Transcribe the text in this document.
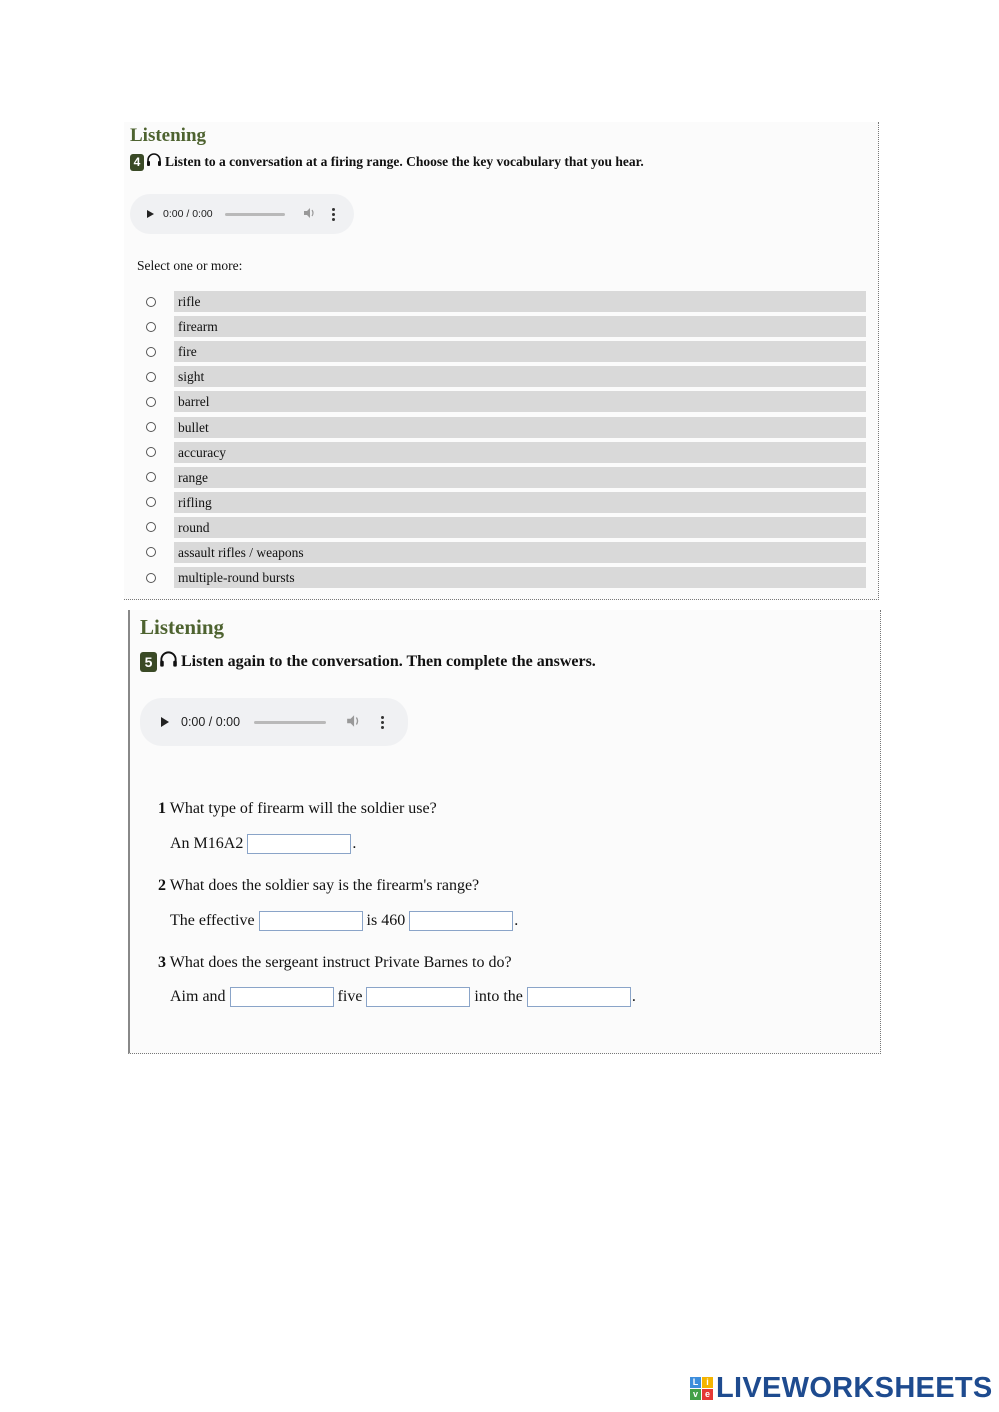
Listening
4 Listen to a conversation at a firing range. Choose the key vocabulary that you hear.
0:00 / 0:00
Select one or more:
rifle
firearm
fire
sight
barrel
bullet
accuracy
range
rifling
round
assault rifles / weapons
multiple-round bursts
Listening
5 Listen again to the conversation. Then complete the answers.
0:00 / 0:00
1 What type of firearm will the soldier use?
An M16A2	.
2 What does the soldier say is the firearm's range?
The effective	is 460	.
3 What does the sergeant instruct Private Barnes to do?
Aim and	five	into the	.
L i
v e LIVEWORKSHEETS
